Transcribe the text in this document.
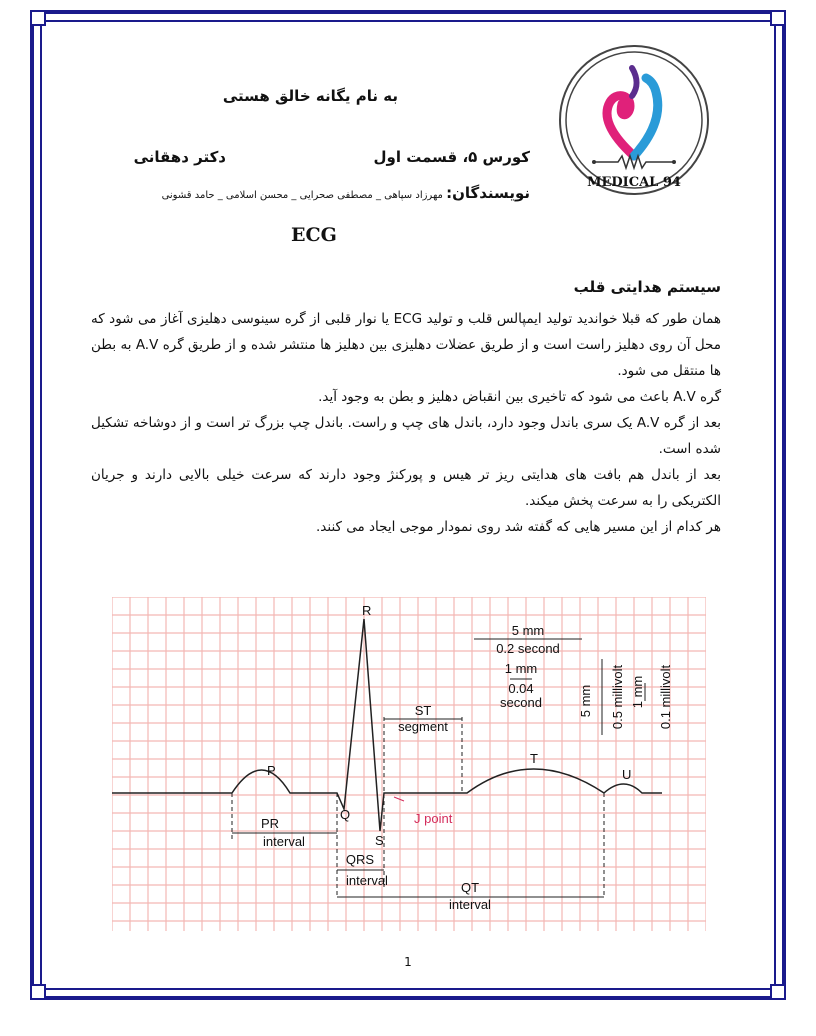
MEDICAL 94
به نام یگانه خالق هستی
کورس ۵، قسمت اول
دکتر دهقانی
نویسندگان: مهرزاد سپاهی _ مصطفی صحرایی _ محسن اسلامی _ حامد قشونی
ECG
سیستم هدایتی قلب

همان طور که قبلا خواندید تولید ایمپالس قلب و تولید ECG یا نوار قلبی از گره سینوسی دهلیزی آغاز می شود که محل آن روی دهلیز راست است و از طریق عضلات دهلیزی بین دهلیز ها منتشر شده و از طریق گره A.V به بطن ها منتقل می شود.

گره A.V باعث می شود که تاخیری بین انقباض دهلیز و بطن به وجود آید.

بعد از گره A.V یک سری باندل وجود دارد، باندل های چپ و راست. باندل چپ بزرگ تر است و از دوشاخه تشکیل شده است.

بعد از باندل هم بافت های هدایتی ریز تر هیس و پورکنژ وجود دارند که سرعت خیلی بالایی دارند و جریان الکتریکی را به سرعت پخش میکند.

هر کدام از این مسیر هایی که گفته شد روی نمودار موجی ایجاد می کنند.

R
P
Q
S
T
U
PR
interval
QRS
interval	QT
interval
ST
segment
J point
5 mm
0.2 second
1 mm
0.04
second	5 mm 0.5 millivolt 1 mm 0.1 millivolt
1
